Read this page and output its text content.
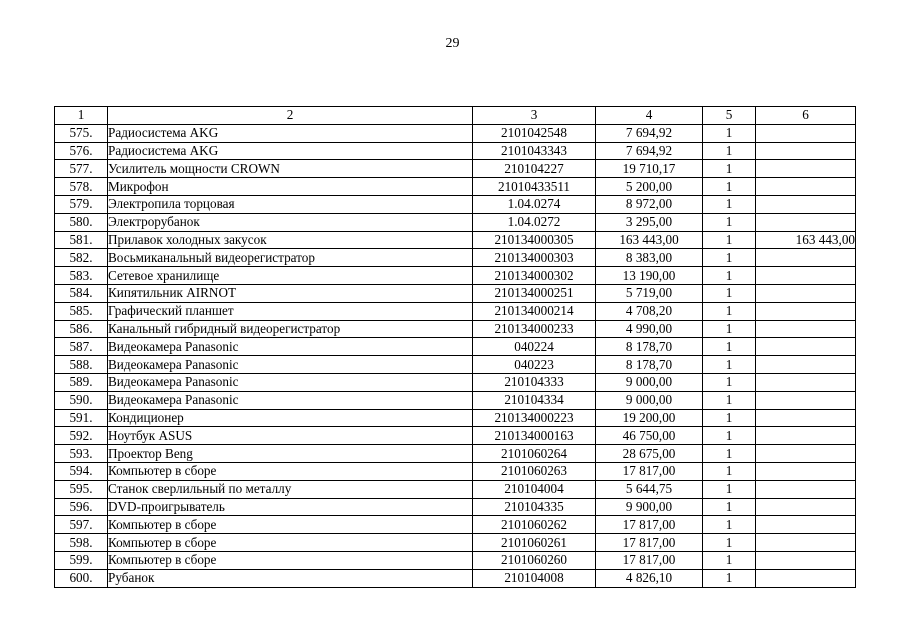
29
1	2	3	4	5	6
575.	Радиосистема AKG	2101042548	7 694,92	1	
576.	Радиосистема AKG	2101043343	7 694,92	1	
577.	Усилитель мощности CROWN	210104227	19 710,17	1	
578.	Микрофон	21010433511	5 200,00	1	
579.	Электропила торцовая	1.04.0274	8 972,00	1	
580.	Электрорубанок	1.04.0272	3 295,00	1	
581.	Прилавок холодных закусок	210134000305	163 443,00	1	163 443,00
582.	Восьмиканальный видеорегистратор	210134000303	8 383,00	1	
583.	Сетевое хранилище	210134000302	13 190,00	1	
584.	Кипятильник AIRNOT	210134000251	5 719,00	1	
585.	Графический планшет	210134000214	4 708,20	1	
586.	Канальный гибридный видеорегистратор	210134000233	4 990,00	1	
587.	Видеокамера Panasonic	040224	8 178,70	1	
588.	Видеокамера Panasonic	040223	8 178,70	1	
589.	Видеокамера Panasonic	210104333	9 000,00	1	
590.	Видеокамера Panasonic	210104334	9 000,00	1	
591.	Кондиционер	210134000223	19 200,00	1	
592.	Ноутбук ASUS	210134000163	46 750,00	1	
593.	Проектор Beng	2101060264	28 675,00	1	
594.	Компьютер в сборе	2101060263	17 817,00	1	
595.	Станок сверлильный по металлу	210104004	5 644,75	1	
596.	DVD-проигрыватель	210104335	9 900,00	1	
597.	Компьютер в сборе	2101060262	17 817,00	1	
598.	Компьютер в сборе	2101060261	17 817,00	1	
599.	Компьютер в сборе	2101060260	17 817,00	1	
600.	Рубанок	210104008	4 826,10	1	
